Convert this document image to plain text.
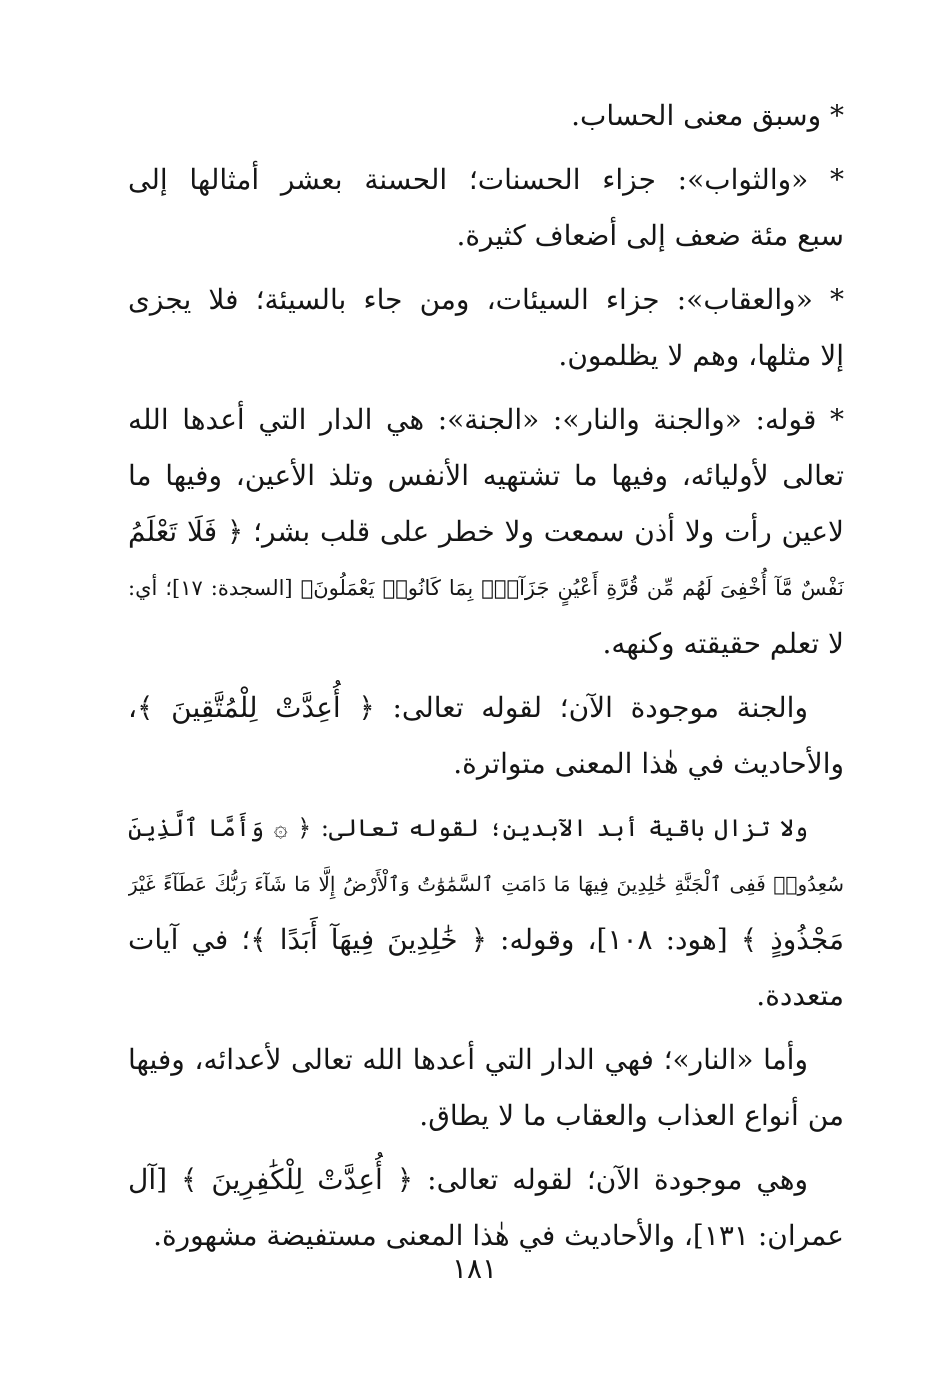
* وسبق معنى الحساب.
* «والثواب»: جزاء الحسنات؛ الحسنة بعشر أمثالها إلى
سبع مئة ضعف إلى أضعاف كثيرة.
* «والعقاب»: جزاء السيئات، ومن جاء بالسيئة؛ فلا يجزى
إلا مثلها، وهم لا يظلمون.
* قوله: «والجنة والنار»: «الجنة»: هي الدار التي أعدها الله
تعالى لأوليائه، وفيها ما تشتهيه الأنفس وتلذ الأعين، وفيها ما
لاعين رأت ولا أذن سمعت ولا خطر على قلب بشر؛ ﴿ فَلَا تَعْلَمُ
نَفْسٌ مَّآ أُخْفِىَ لَهُم مِّن قُرَّةِ أَعْيُنٍ جَزَآءًۢ بِمَا كَانُوا۟ يَعْمَلُونَ﴾ [السجدة: ١٧]؛ أي:
لا تعلم حقيقته وكنهه.
والجنة موجودة الآن؛ لقوله تعالى: ﴿ أُعِدَّتْ لِلْمُتَّقِينَ ﴾،
والأحاديث في هٰذا المعنى متواترة.
ولا تزال باقية أبد الآبدين؛ لقوله تعالى: ﴿ ۞ وَأَمَّا ٱلَّذِينَ
سُعِدُوا۟ فَفِى ٱلْجَنَّةِ خَٰلِدِينَ فِيهَا مَا دَامَتِ ٱلسَّمَٰوَٰتُ وَٱلْأَرْضُ إِلَّا مَا شَآءَ رَبُّكَ عَطَآءً غَيْرَ
مَجْذُوذٍ ﴾ [هود: ١٠٨]، وقوله: ﴿ خَٰلِدِينَ فِيهَآ أَبَدًا ﴾؛ في آيات
متعددة.
وأما «النار»؛ فهي الدار التي أعدها الله تعالى لأعدائه، وفيها
من أنواع العذاب والعقاب ما لا يطاق.
وهي موجودة الآن؛ لقوله تعالى: ﴿ أُعِدَّتْ لِلْكَٰفِرِينَ ﴾ [آل
عمران: ١٣١]، والأحاديث في هٰذا المعنى مستفيضة مشهورة.
١٨١
